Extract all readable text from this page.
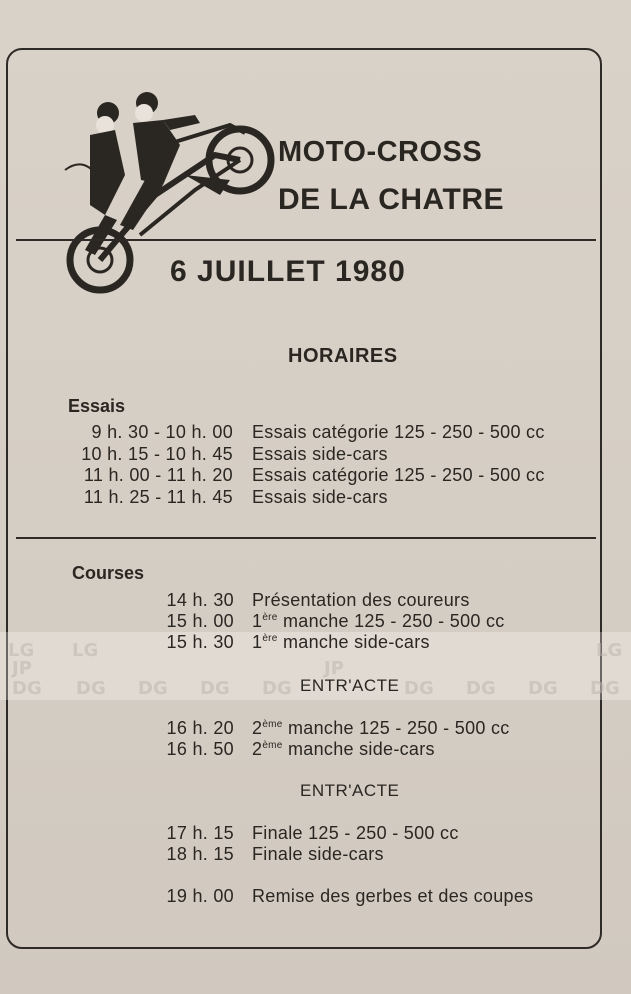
MOTO-CROSS
DE LA CHATRE
6 JUILLET 1980
HORAIRES
Essais
9 h. 30 - 10 h. 00 Essais catégorie 125 - 250 - 500 cc
10 h. 15 - 10 h. 45 Essais side-cars
11 h. 00 - 11 h. 20 Essais catégorie 125 - 250 - 500 cc
11 h. 25 - 11 h. 45 Essais side-cars
Courses
LG
JP
DG
LG
DG DG DG DG
JP
DG DG DG
LG
DG
14 h. 30 Présentation des coureurs
15 h. 00 1ère manche 125 - 250 - 500 cc
15 h. 30 1ère manche side-cars
ENTR'ACTE
16 h. 20 2ème manche 125 - 250 - 500 cc
16 h. 50 2ème manche side-cars
ENTR'ACTE
17 h. 15 Finale 125 - 250 - 500 cc
18 h. 15 Finale side-cars
19 h. 00 Remise des gerbes et des coupes
